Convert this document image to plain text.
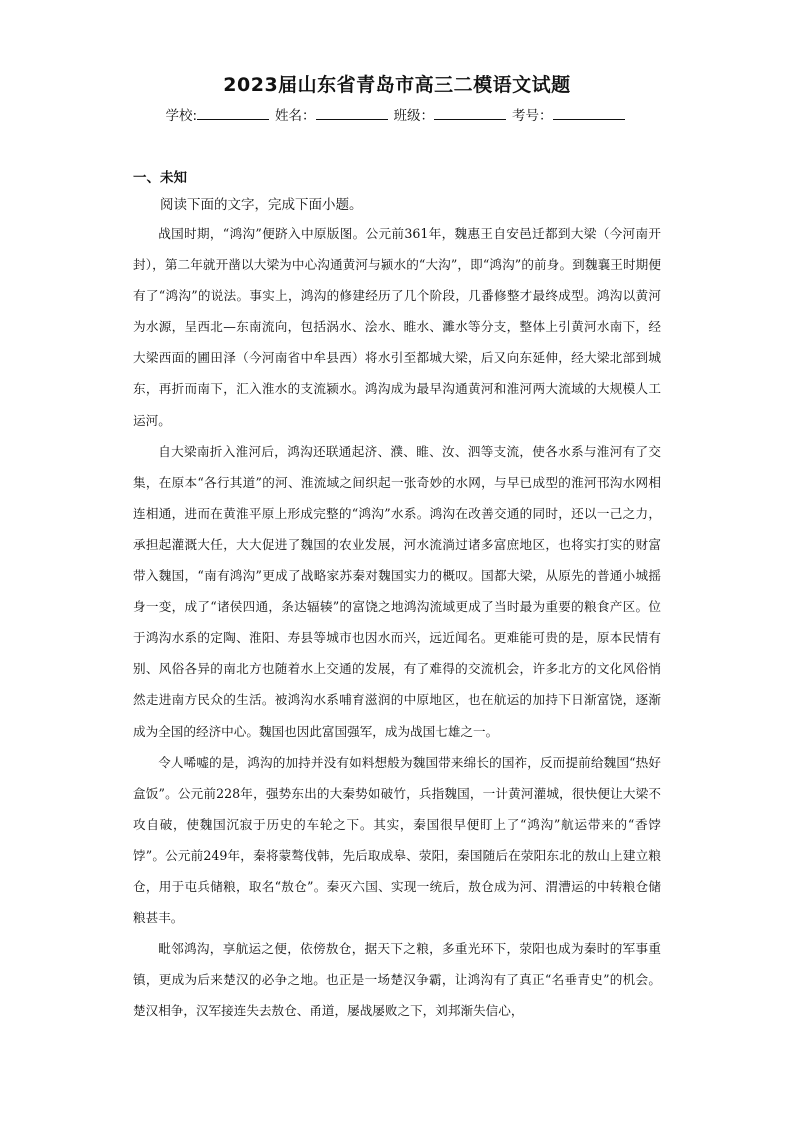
2023届山东省青岛市高三二模语文试题
学校:	姓名：	班级：	考号：
一、未知
阅读下面的文字，完成下面小题。

战国时期，“鸿沟”便跻入中原版图。公元前361年，魏惠王自安邑迁都到大梁（今河南开封），第二年就开凿以大梁为中心沟通黄河与颍水的“大沟”，即“鸿沟”的前身。到魏襄王时期便有了“鸿沟”的说法。事实上，鸿沟的修建经历了几个阶段，几番修整才最终成型。鸿沟以黄河为水源，呈西北—东南流向，包括涡水、浍水、睢水、濉水等分支，整体上引黄河水南下，经大梁西面的圃田泽（今河南省中牟县西）将水引至都城大梁，后又向东延伸，经大梁北部到城东，再折而南下，汇入淮水的支流颍水。鸿沟成为最早沟通黄河和淮河两大流域的大规模人工运河。

自大梁南折入淮河后，鸿沟还联通起济、濮、睢、汝、泗等支流，使各水系与淮河有了交集，在原本“各行其道”的河、淮流域之间织起一张奇妙的水网，与早已成型的淮河邗沟水网相连相通，进而在黄淮平原上形成完整的“鸿沟”水系。鸿沟在改善交通的同时，还以一己之力，承担起灌溉大任，大大促进了魏国的农业发展，河水流淌过诸多富庶地区，也将实打实的财富带入魏国，“南有鸿沟”更成了战略家苏秦对魏国实力的概叹。国都大梁，从原先的普通小城摇身一变，成了“诸侯四通，条达辐辏”的富饶之地鸿沟流域更成了当时最为重要的粮食产区。位于鸿沟水系的定陶、淮阳、寿县等城市也因水而兴，远近闻名。更难能可贵的是，原本民情有别、风俗各异的南北方也随着水上交通的发展，有了难得的交流机会，许多北方的文化风俗悄然走进南方民众的生活。被鸿沟水系哺育滋润的中原地区，也在航运的加持下日渐富饶，逐渐成为全国的经济中心。魏国也因此富国强军，成为战国七雄之一。

令人唏嘘的是，鸿沟的加持并没有如料想般为魏国带来绵长的国祚，反而提前给魏国“热好盒饭”。公元前228年，强势东出的大秦势如破竹，兵指魏国，一计黄河灌城，很快便让大梁不攻自破，使魏国沉寂于历史的车轮之下。其实，秦国很早便盯上了“鸿沟”航运带来的“香饽饽”。公元前249年，秦将蒙骜伐韩，先后取成皋、荥阳，秦国随后在荥阳东北的敖山上建立粮仓，用于屯兵储粮，取名“敖仓”。秦灭六国、实现一统后，敖仓成为河、渭漕运的中转粮仓储粮甚丰。

毗邻鸿沟，享航运之便，依傍敖仓，据天下之粮，多重光环下，荥阳也成为秦时的军事重镇，更成为后来楚汉的必争之地。也正是一场楚汉争霸，让鸿沟有了真正“名垂青史”的机会。楚汉相争，汉军接连失去敖仓、甬道，屡战屡败之下，刘邦渐失信心，
